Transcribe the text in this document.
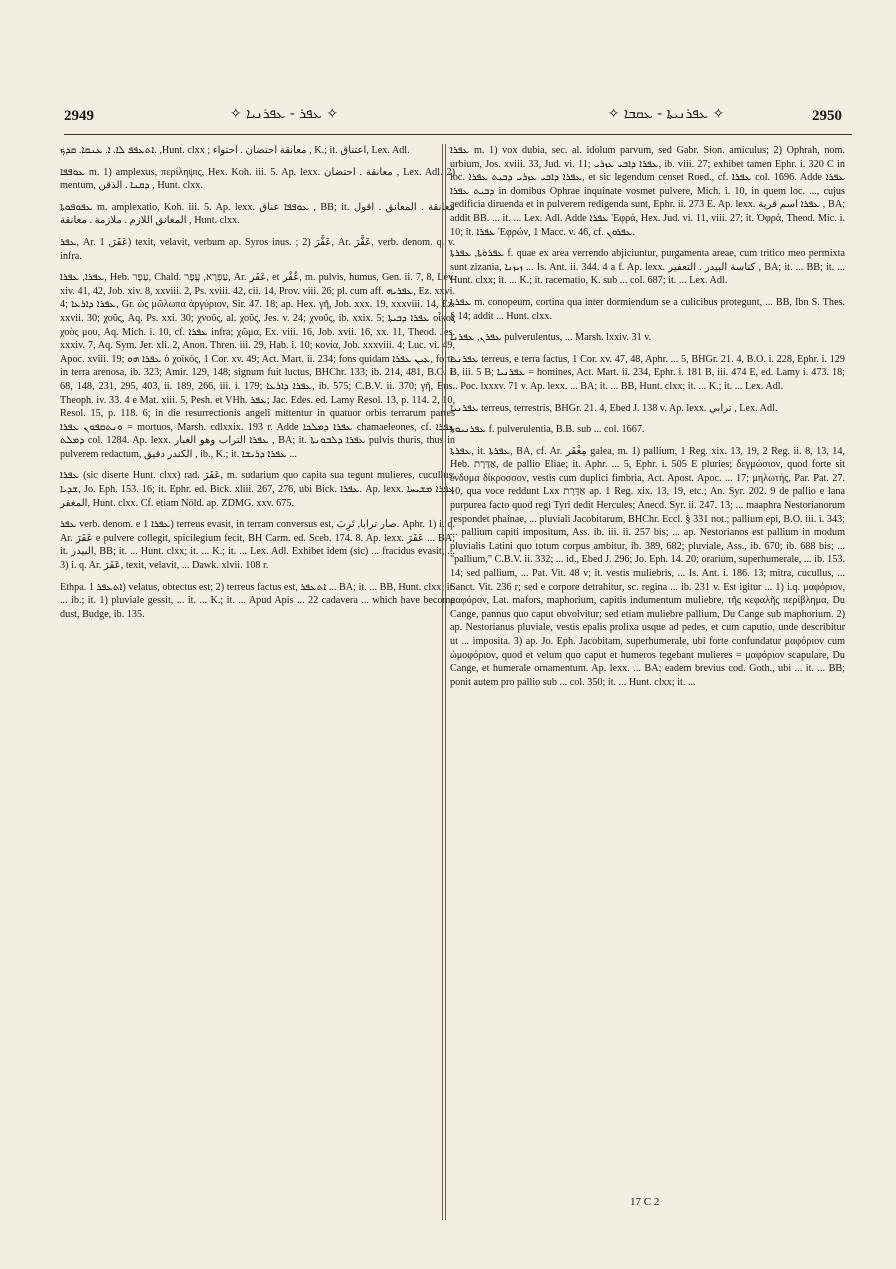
2949	✧ ܥܦܪ - ܥܦܪܢܝܐ ✧	✧ ܥܦܪܢܝܬܐ - ܥܩܒܐ ✧	2950

ܐܬܥܦܦ ܠܐ. ܐ. ܥܢܩܐ. ܩܕܟ. ,Hunt. clxx ; معانقة احتضان . احتواء , K.; it. اعتناق, Lex. Adl.

ܥܘܦܦܐ m. 1) amplexus, περίληψις, Hex. Koh. iii. 5. Ap. lexx. معانقة . احتضان , Lex. Adl. 2) mentum, ܕܩܢܐ . الذقن , Hunt. clxx.

ܥܦܘܦܘܬܐ m. amplexatio, Koh. iii. 5. Ap. lexx. ܥܘܦܦܐ عناق , BB; it. معانقة . المعانق . اقول المعانق اللازم . ملازمة . معانقة , Hunt. clxx.

ܥܦܪ, Ar. عَفَرَ, 1) texit, velavit, verbum ap. Syros inus. ; 2) عَفَّرَ, Ar. عَفَّرَ, verb. denom. q. v. infra.

ܥܦܪܐ, ܥܦܪܐ, Heb. עָפָר, Chald. עַפְרָא, עֲפָר, Ar. عَفَر, et عُفْر, m. pulvis, humus, Gen. ii. 7, 8, Lev. xiv. 41, 42, Job. xiv. 8, xxviii. 2, Ps. xviii. 42, cii. 14, Prov. viii. 26; pl. cum aff. ܥܦܪܝܗ, Ez. xxvi. 4; ܥܦܪܐ ܕܐܪܥܐ, Gr. ὡς μῶλωπα ἀργύριον, Sir. 47. 18; ap. Hex. γῆ, Job. xxx. 19, xxxviii. 14, Ez. xxvii. 30; χοῦς, Aq. Ps. xxi. 30; χνοῦς, al. χοῦς, Jes. v. 24; χνοῦς, ib. xxix. 5; ܥܦܪܐ ܕܒܝܬܐ οἶκος χοὸς μου, Aq. Mich. i. 10, cf. ܥܦܪܐ infra; χῶμα, Ex. viii. 16, Job. xvii. 16, xx. 11, Theod. Jes. xxxiv. 7, Aq. Sym. Jer. xli. 2, Anon. Thren. iii. 29, Hab. i. 10; κονία, Job. xxxviii. 4; Luc. vi. 49, Apoc. xviii. 19; ܥܦܪܐ ܗܘ ὁ χοϊκός, 1 Cor. xv. 49; Act. Mart. ii. 234; fons quidam ܥܝܢ ܥܦܪܐ, forte in terra arenosa, ib. 323; Amir. 129, 148; signum fuit luctus, BHChr. 133; ib. 214, 481, B.O. i. 68, 148, 231, 295, 403, ii. 189, 266, iii. i. 179; ܥܦܪܐ ܕܐܪܥܐ, ib. 575; C.B.V. ii. 370; γῆ, Eus. Theoph. iv. 33. 4 e Mat. xiii. 5, Pesh. et VHh. ܥܦܪ; Jac. Edes. ed. Lamy Resol. 13, p. 114. 2, 10, Resol. 15, p. 118. 6; in die resurrectionis angeli mittentur in quatuor orbis terrarum partes ܘܢܬܩܦܘܢ ܥܦܪܐ = mortuos, Marsh. cdlxxix. 193 r. Adde ܥܦܪܐ ܕܡܠܟܐ chamaeleones, cf. ܥܦܪܐ ܕܡܠܬ col. 1284. Ap. lexx. ܥܦܪܐ التراب وهو الغبار , BA; it. ܥܦܪܐ ܕܠܒܘܢܬܐ pulvis thuris, thus in pulverem redactum, الكندر دقيق , ib., K.; it. ܥܦܪܐ ܕܪܝܫܐ ...

ܥܦܪܐ (sic diserte Hunt. clxx) rad. عَفَرَ, m. sudarium quo capita sua tegunt mulieres, cucullus, ܫܕܝܐ, Jo. Eph. 153. 16; it. Ephr. ed. Bick. xliii. 267, 276, ubi Bick. ܥܦܪܐ. Ap. lexx. ܥܦܪܐ ܡܫܝܚܐ المغفر, Hunt. clxx. Cf. etiam Nöld. ap. ZDMG. xxv. 675.

ܥܦܪ verb. denom. e ܥܦܪܐ 1) terreus evasit, in terram conversus est, صار ترابا, تَرِبَ. Aphr. 1) i. q. Ar. عَفَرَ e pulvere collegit, spicilegium fecit, BH Carm. ed. Sceb. 174. 8. Ap. lexx. عَفَرَ ... BA; it. البيدر, BB; it. ... Hunt. clxx; it. ... K.; it. ... Lex. Adl. Exhibet idem (sic) ... fracidus evasit, ... 3) i. q. Ar. عَفَرَ, texit, velavit, ... Dawk. xlvii. 108 r.

Ethpa. ܐܬܥܦܪ 1) velatus, obtectus est; 2) terreus factus est, ܐܬܥܦܪ ... BA; it. ... BB, Hunt. clxx; it. ... ib.; it. 1) pluviale gessit, ... it. ... K.; it. ... Apud Apis ... 22 cadavera ... which have become dust, Budge, ib. 135.

ܥܦܪܐ m. 1) vox dubia, sec. al. idolum parvum, sed Gabr. Sion. amiculus; 2) Ophrah, nom. urbium, Jos. xviii. 33, Jud. vi. 11; ܥܦܪܐ ܕܐܒܝ ܥܙܪܝ, ib. viii. 27; exhibet tamen Ephr. i. 320 C in loc. ܥܦܪܐ ܕܐܒܝ ܥܙܪܝ ܕܒܝܬ ܥܦܪܐ, et sic legendum censet Roed., cf. ܥܦܪܐ col. 1696. Adde ܥܦܪܐ ܕܒܝܬ ܥܦܪܐ in domibus Ophrae inquinate vosmet pulvere, Mich. i. 10, in quem loc. ..., cujus aedificia diruenda et in pulverem redigenda sunt, Ephr. ii. 273 E. Ap. lexx. ܥܦܪܐ اسم قرية , BA; addit BB. ... it. ... Lex. Adl. Adde ܥܦܪܐ Ἐφρά, Hex. Jud. vi. 11, viii. 27; it. Ὀφρά, Theod. Mic. i. 10; it. ܥܦܪܐ Ἐφρών, 1 Macc. v. 46, cf. ܥܦܪܘܢ.

ܥܦܪܘܬܐ, ܥܦܪܬܐ f. quae ex area verrendo abjiciuntur, purgamenta areae, cum tritico meo permixta sunt zizania, ܙܝܙܢܐ ... Is. Ant. ii. 344. 4 a f. Ap. lexx. كناسة البيدر . التعفير , BA; it. ... BB; it. ... Hunt. clxx; it. ... K.; it. racematio, K. sub ... col. 687; it. ... Lex. Adl.

ܥܦܪܬܐ m. conopeum, cortina qua inter dormiendum se a culicibus protegunt, ... BB, Ibn S. Thes. § 14; addit ... Hunt. clxx.

ܥܦܪܢ, ܥܦܪܢܐ pulverulentus, ... Marsh. lxxiv. 31 v.

ܥܦܪܢܝܐ terreus, e terra factus, 1 Cor. xv. 47, 48, Aphr. ... 5, BHGr. 21. 4, B.O. i. 228, Ephr. i. 129 B, iii. 5 B; ܥܦܪܢܝܐ = homines, Act. Mart. ii. 234, Ephr. i. 181 B, iii. 474 E, ed. Lamy i. 473. 18; ... Poc. lxxxv. 71 v. Ap. lexx. ... BA; it. ... BB, Hunt. clxx; it. ... K.; it. ... Lex. Adl.

ܥܦܪܢܝܐ terreus, terrestris, BHGr. 21. 4, Ebed J. 138 v. Ap. lexx. ترابي , Lex. Adl.

ܥܦܪܢܝܘܬܐ f. pulverulentia, B.B. sub ... col. 1667.

ܥܦܪܬܐ, it. ܥܦܪܬܐ, BA, cf. Ar. مِغْفَر galea, m. 1) pallium, 1 Reg. xix. 13, 19, 2 Reg. ii. 8, 13, 14, Heb. אַדֶּרֶת, de pallio Eliae; it. Aphr. ... 5, Ephr. i. 505 E pluries; δεγμώσιον, quod forte sit ἔνδυμα δίκροσσον, vestis cum duplici fimbria, Act. Apost. Apoc. ... 17; μηλωτής, Par. Pat. 27. 10, qua voce reddunt Lxx אַדֶּרֶת ap. 1 Reg. xix. 13, 19, etc.; An. Syr. 202. 9 de pallio e lana purpurea facto quod regi Tyri dedit Hercules; Anecd. Syr. ii. 247. 13; ... maaphra Nestorianorum respondet phainae, ... pluviali Jacobitarum, BHChr. Eccl. § 331 not.; pallium epi, B.O. iii. i. 343; ... pallium capiti impositum, Ass. ib. iii. ii. 257 bis; ... ap. Nestorianos est pallium in modum pluvialis Latini quo totum corpus ambitur, ib. 389, 682; pluviale, Ass., ib. 670; ib. 688 bis; ... "pallium," C.B.V. ii. 332; ... id., Ebed J. 296; Jo. Eph. 14. 20; orarium, superhumerale, ... ib. 153. 14; sed pallium, ... Pat. Vit. 48 v; it. vestis muliebris, ... Is. Ant. i. 186. 13; mitra, cucullus, ... Sanct. Vit. 236 r; sed e corpore detrahitur, sc. regina ... ib. 231 v. Est igitur ... 1) i.q. μαφόριον, μαφόρον, Lat. mafors, maphorium, capitis indumentum muliebre, τῆς κεφαλῆς περίβλημα, Du Cange, pannus quo caput obvolvitur; sed etiam muliebre pallium, Du Cange sub maphorium. 2) ap. Nestorianus pluviale, vestis epalis prolixa usque ad pedes, et cum caputio, unde describitur ut ... imposita. 3) ap. Jo. Eph. Jacobitam, superhumerale, ubi forte confundatur μαφόριον cum ὠμοφόριον, quod et velum quo caput et humeros tegebant mulieres = μαφόριον scapulare, Du Cange, et humerale ornamentum. Ap. lexx. ... BA; eadem brevius cod. Goth., ubi ... it. ... BB; ponit autem pro pallio sub ... col. 350; it. ... Hunt. clxx; it. ...

17 C 2
